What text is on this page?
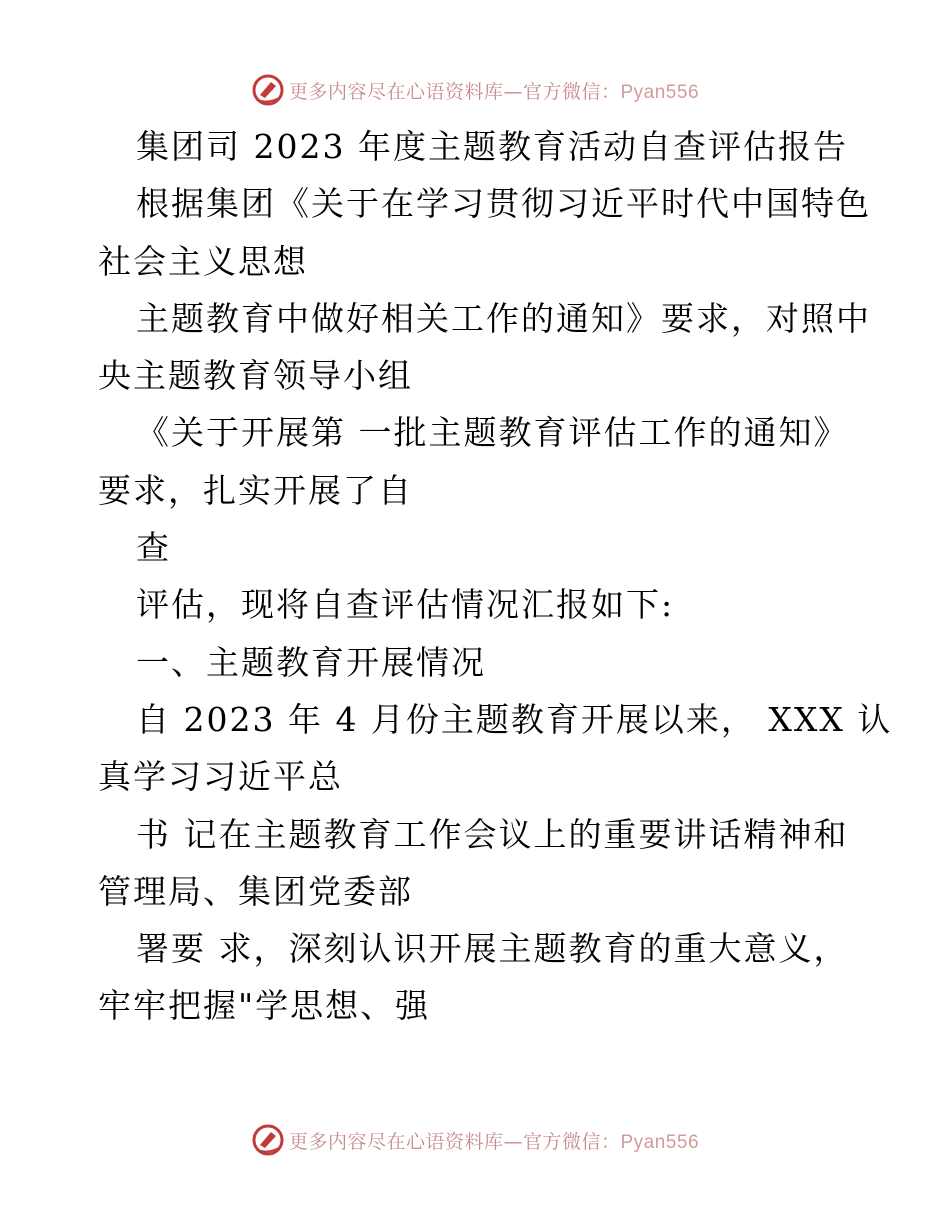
更多内容尽在心语资料库—官方微信：Pyan556
集团司 2023 年度主题教育活动自查评估报告
根据集团《关于在学习贯彻习近平时代中国特色
社会主义思想
主题教育中做好相关工作的通知》要求，对照中
央主题教育领导小组
《关于开展第 一批主题教育评估工作的通知》
要求，扎实开展了自
查
评估，现将自查评估情况汇报如下:
一、主题教育开展情况
自 2023 年 4 月份主题教育开展以来， XXX 认
真学习习近平总
书 记在主题教育工作会议上的重要讲话精神和
管理局、集团党委部
署要 求，深刻认识开展主题教育的重大意义，
牢牢把握"学思想、强
更多内容尽在心语资料库—官方微信：Pyan556
